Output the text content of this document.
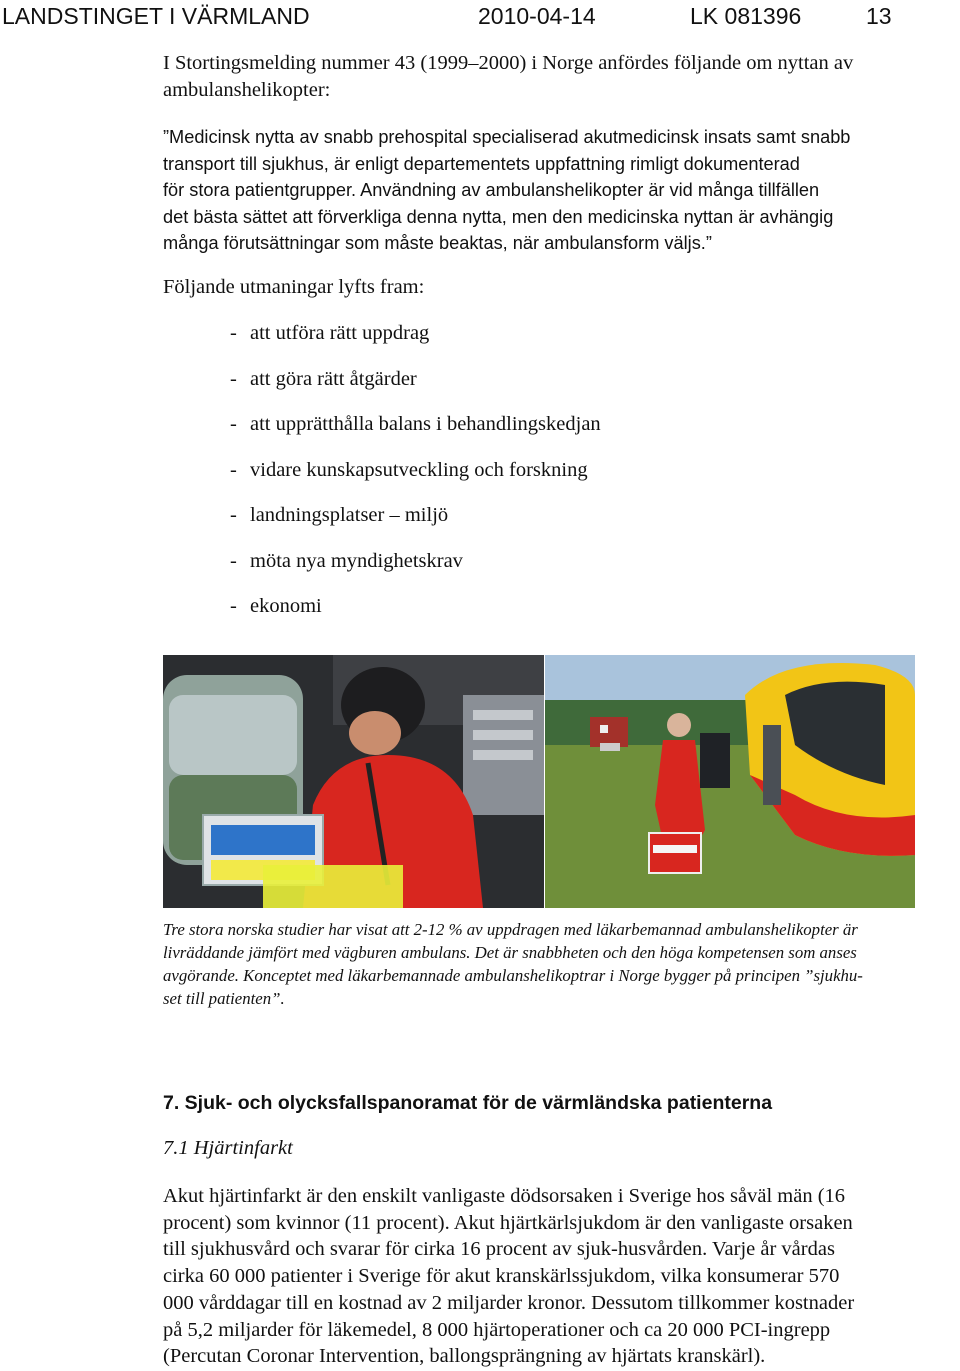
LANDSTINGET I VÄRMLAND	2010-04-14	LK 081396	13

I Stortingsmelding nummer 43 (1999–2000) i Norge anfördes följande om nyttan av

ambulanshelikopter:

”Medicinsk nytta av snabb prehospital specialiserad akutmedicinsk insats samt snabb

transport till sjukhus, är enligt departementets uppfattning rimligt dokumenterad

för stora patientgrupper. Användning av ambulanshelikopter är vid många tillfällen

det bästa sättet att förverkliga denna nytta, men den medicinska nyttan är avhängig

många förutsättningar som måste beaktas, när ambulansform väljs.”

Följande utmaningar lyfts fram:

- att utföra rätt uppdrag
- att göra rätt åtgärder
- att upprätthålla balans i behandlingskedjan
- vidare kunskapsutveckling och forskning
- landningsplatser – miljö
- möta nya myndighetskrav
- ekonomi

Tre stora norska studier har visat att 2-12 % av uppdragen med läkarbemannad ambulanshelikopter är

livräddande jämfört med vägburen ambulans. Det är snabbheten och den höga kompetensen som anses

avgörande. Konceptet med läkarbemannade ambulanshelikoptrar i Norge bygger på principen ”sjukhu-

set till patienten”.

7. Sjuk- och olycksfallspanoramat för de värmländska patienterna

7.1 Hjärtinfarkt

Akut hjärtinfarkt är den enskilt vanligaste dödsorsaken i Sverige hos såväl män (16

procent) som kvinnor (11 procent). Akut hjärtkärlsjukdom är den vanligaste orsaken

till sjukhusvård och svarar för cirka 16 procent av sjuk-husvården. Varje år vårdas

cirka 60 000 patienter i Sverige för akut kranskärlssjukdom, vilka konsumerar 570

000 vårddagar till en kostnad av 2 miljarder kronor. Dessutom tillkommer kostnader

på 5,2 miljarder för läkemedel, 8 000 hjärtoperationer och ca 20 000 PCI-ingrepp

(Percutan Coronar Intervention, ballongsprängning av hjärtats kranskärl).
